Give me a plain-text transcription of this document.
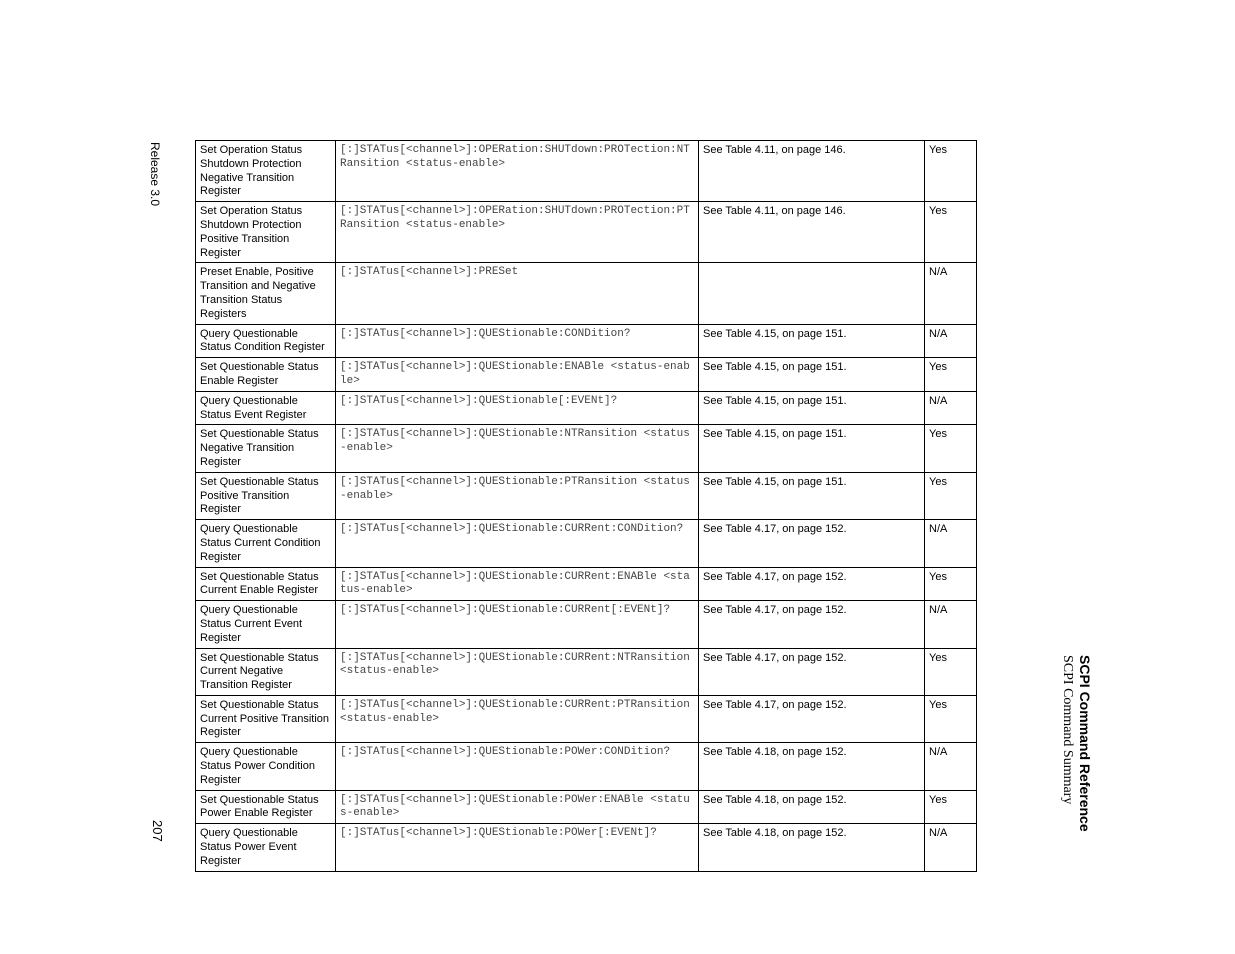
Release 3.0
207	SCPI Command Reference
SCPI Command Summary
Set Operation Status Shutdown Protection Negative Transition Register	[:]STATus[<channel>]:OPERation:SHUTdown:PROTection:NTRansition <status-enable>	See Table 4.11, on page 146.	Yes
Set Operation Status Shutdown Protection Positive Transition Register	[:]STATus[<channel>]:OPERation:SHUTdown:PROTection:PTRansition <status-enable>	See Table 4.11, on page 146.	Yes
Preset Enable, Positive Transition and Negative Transition Status Registers	[:]STATus[<channel>]:PRESet		N/A
Query Questionable Status Condition Register	[:]STATus[<channel>]:QUEStionable:CONDition?	See Table 4.15, on page 151.	N/A
Set Questionable Status Enable Register	[:]STATus[<channel>]:QUEStionable:ENABle <status-enable>	See Table 4.15, on page 151.	Yes
Query Questionable Status Event Register	[:]STATus[<channel>]:QUEStionable[:EVENt]?	See Table 4.15, on page 151.	N/A
Set Questionable Status Negative Transition Register	[:]STATus[<channel>]:QUEStionable:NTRansition <status-enable>	See Table 4.15, on page 151.	Yes
Set Questionable Status Positive Transition Register	[:]STATus[<channel>]:QUEStionable:PTRansition <status-enable>	See Table 4.15, on page 151.	Yes
Query Questionable Status Current Condition Register	[:]STATus[<channel>]:QUEStionable:CURRent:CONDition?	See Table 4.17, on page 152.	N/A
Set Questionable Status Current Enable Register	[:]STATus[<channel>]:QUEStionable:CURRent:ENABle <status-enable>	See Table 4.17, on page 152.	Yes
Query Questionable Status Current Event Register	[:]STATus[<channel>]:QUEStionable:CURRent[:EVENt]?	See Table 4.17, on page 152.	N/A
Set Questionable Status Current Negative Transition Register	[:]STATus[<channel>]:QUEStionable:CURRent:NTRansition <status-enable>	See Table 4.17, on page 152.	Yes
Set Questionable Status Current Positive Transition Register	[:]STATus[<channel>]:QUEStionable:CURRent:PTRansition <status-enable>	See Table 4.17, on page 152.	Yes
Query Questionable Status Power Condition Register	[:]STATus[<channel>]:QUEStionable:POWer:CONDition?	See Table 4.18, on page 152.	N/A
Set Questionable Status Power Enable Register	[:]STATus[<channel>]:QUEStionable:POWer:ENABle <status-enable>	See Table 4.18, on page 152.	Yes
Query Questionable Status Power Event Register	[:]STATus[<channel>]:QUEStionable:POWer[:EVENt]?	See Table 4.18, on page 152.	N/A
